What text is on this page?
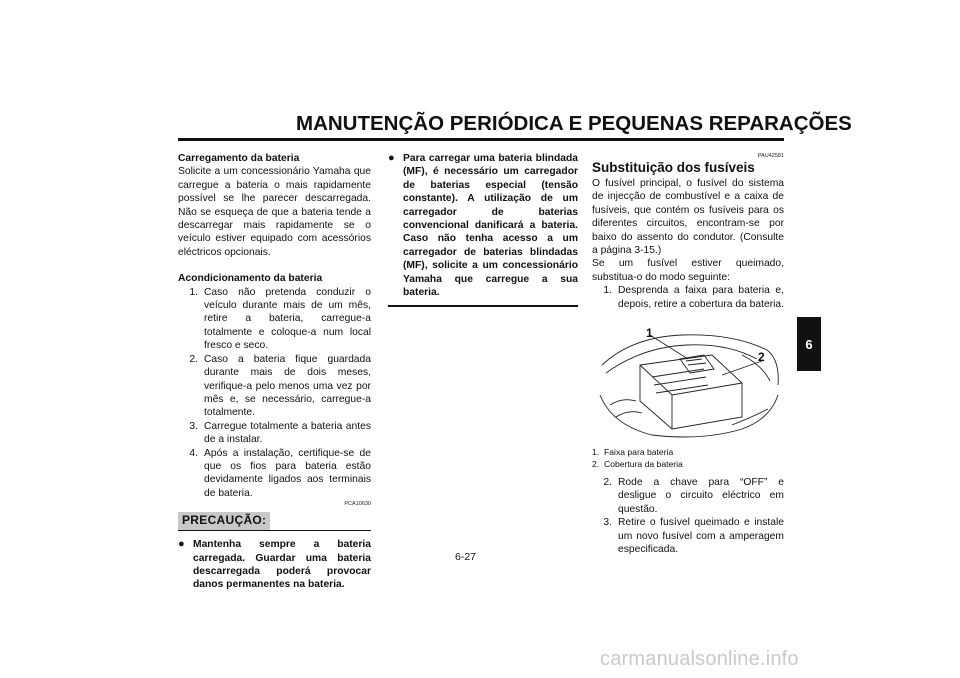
MANUTENÇÃO PERIÓDICA E PEQUENAS REPARAÇÕES
6

Carregamento da bateria

Solicite a um concessionário Yamaha que carregue a bateria o mais rapidamente possível se lhe parecer descarregada. Não se esqueça de que a bateria tende a descarregar mais rapidamente se o veículo estiver equipado com acessórios eléctricos opcionais.

Acondicionamento da bateria

1. Caso não pretenda conduzir o veículo durante mais de um mês, retire a bateria, carregue-a totalmente e coloque-a num local fresco e seco.
2. Caso a bateria fique guardada durante mais de dois meses, verifique-a pelo menos uma vez por mês e, se necessário, carregue-a totalmente.
3. Carregue totalmente a bateria antes de a instalar.
4. Após a instalação, certifique-se de que os fios para bateria estão devidamente ligados aos terminais de bateria.
PCA10630
PRECAUÇÃO:
● Mantenha sempre a bateria carregada. Guardar uma bateria descarregada poderá provocar danos permanentes na bateria.
● Para carregar uma bateria blindada (MF), é necessário um carregador de baterias especial (tensão constante). A utilização de um carregador de baterias convencional danificará a bateria. Caso não tenha acesso a um carregador de baterias blindadas (MF), solicite a um concessionário Yamaha que carregue a sua bateria.
PAU42581
Substituição dos fusíveis

O fusível principal, o fusível do sistema de injecção de combustível e a caixa de fusíveis, que contém os fusíveis para os diferentes circuitos, encontram-se por baixo do assento do condutor. (Consulte a página 3-15.)

Se um fusível estiver queimado, substitua-o do modo seguinte:

1. Desprenda a faixa para bateria e, depois, retire a cobertura da bateria.
1
2
1. Faixa para bateria
2. Cobertura da bateria
2. Rode a chave para “OFF” e desligue o circuito eléctrico em questão.
3. Retire o fusível queimado e instale um novo fusível com a amperagem especificada.
6-27
carmanualsonline.info
